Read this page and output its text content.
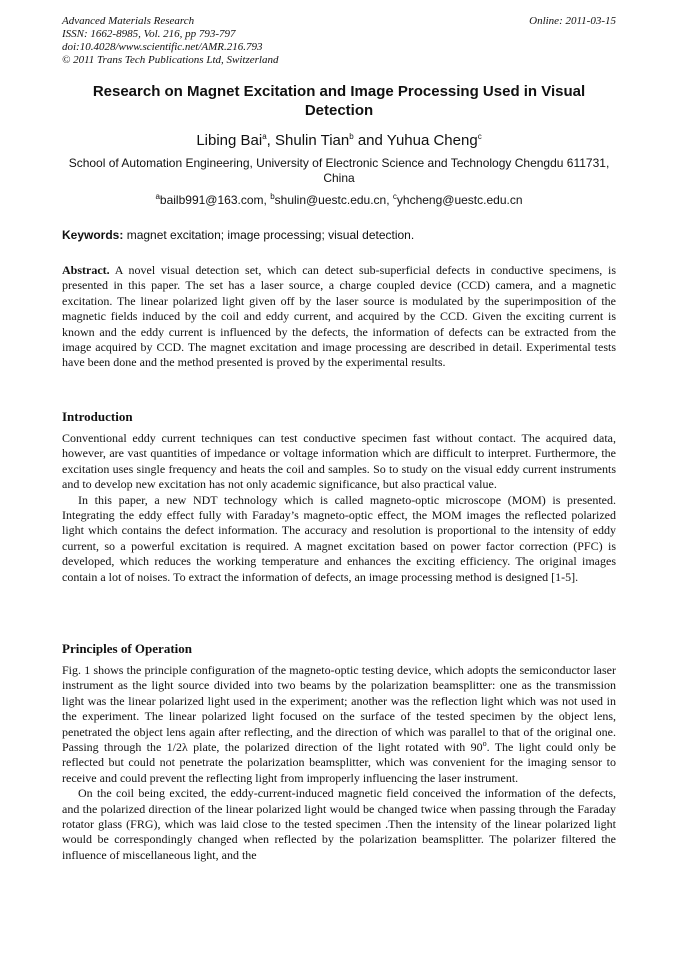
Advanced Materials Research
ISSN: 1662-8985, Vol. 216, pp 793-797
doi:10.4028/www.scientific.net/AMR.216.793
© 2011 Trans Tech Publications Ltd, Switzerland
Online: 2011-03-15
Research on Magnet Excitation and Image Processing Used in Visual Detection
Libing Bai$^a$, Shulin Tian$^b$ and Yuhua Cheng$^c$
School of Automation Engineering, University of Electronic Science and Technology Chengdu 611731, China
$^a$bailb991@163.com, $^b$shulin@uestc.edu.cn, $^c$yhcheng@uestc.edu.cn
Keywords: magnet excitation; image processing; visual detection.

Abstract. A novel visual detection set, which can detect sub-superficial defects in conductive specimens, is presented in this paper. The set has a laser source, a charge coupled device (CCD) camera, and a magnetic excitation. The linear polarized light given off by the laser source is modulated by the superimposition of the magnetic fields induced by the coil and eddy current, and acquired by the CCD. Given the exciting current is known and the eddy current is influenced by the defects, the information of defects can be extracted from the image acquired by CCD. The magnet excitation and image processing are described in detail. Experimental tests have been done and the method presented is proved by the experimental results.

Introduction

Conventional eddy current techniques can test conductive specimen fast without contact. The acquired data, however, are vast quantities of impedance or voltage information which are difficult to interpret. Furthermore, the excitation uses single frequency and heats the coil and samples. So to study on the visual eddy current instruments and to develop new excitation has not only academic significance, but also practical value.

In this paper, a new NDT technology which is called magneto-optic microscope (MOM) is presented. Integrating the eddy effect fully with Faraday’s magneto-optic effect, the MOM images the reflected polarized light which contains the defect information. The accuracy and resolution is proportional to the intensity of eddy current, so a powerful excitation is required. A magnet excitation based on power factor correction (PFC) is developed, which reduces the working temperature and enhances the exciting efficiency. The original images contain a lot of noises. To extract the information of defects, an image processing method is designed [1-5].

Principles of Operation

Fig. 1 shows the principle configuration of the magneto-optic testing device, which adopts the semiconductor laser instrument as the light source divided into two beams by the polarization beamsplitter: one as the transmission light was the linear polarized light used in the experiment; another was the reflection light which was not used in the experiment. The linear polarized light focused on the surface of the tested specimen by the object lens, penetrated the object lens again after reflecting, and the direction of which was parallel to that of the original one. Passing through the 1/2λ plate, the polarized direction of the light rotated with 90$^o$. The light could only be reflected but could not penetrate the polarization beamsplitter, which was convenient for the imaging sensor to receive and could prevent the reflecting light from improperly influencing the laser instrument.

On the coil being excited, the eddy-current-induced magnetic field conceived the information of the defects, and the polarized direction of the linear polarized light would be changed twice when passing through the Faraday rotator glass (FRG), which was laid close to the tested specimen .Then the intensity of the linear polarized light would be correspondingly changed when reflected by the polarization beamsplitter. The polarizer filtered the influence of miscellaneous light, and the
